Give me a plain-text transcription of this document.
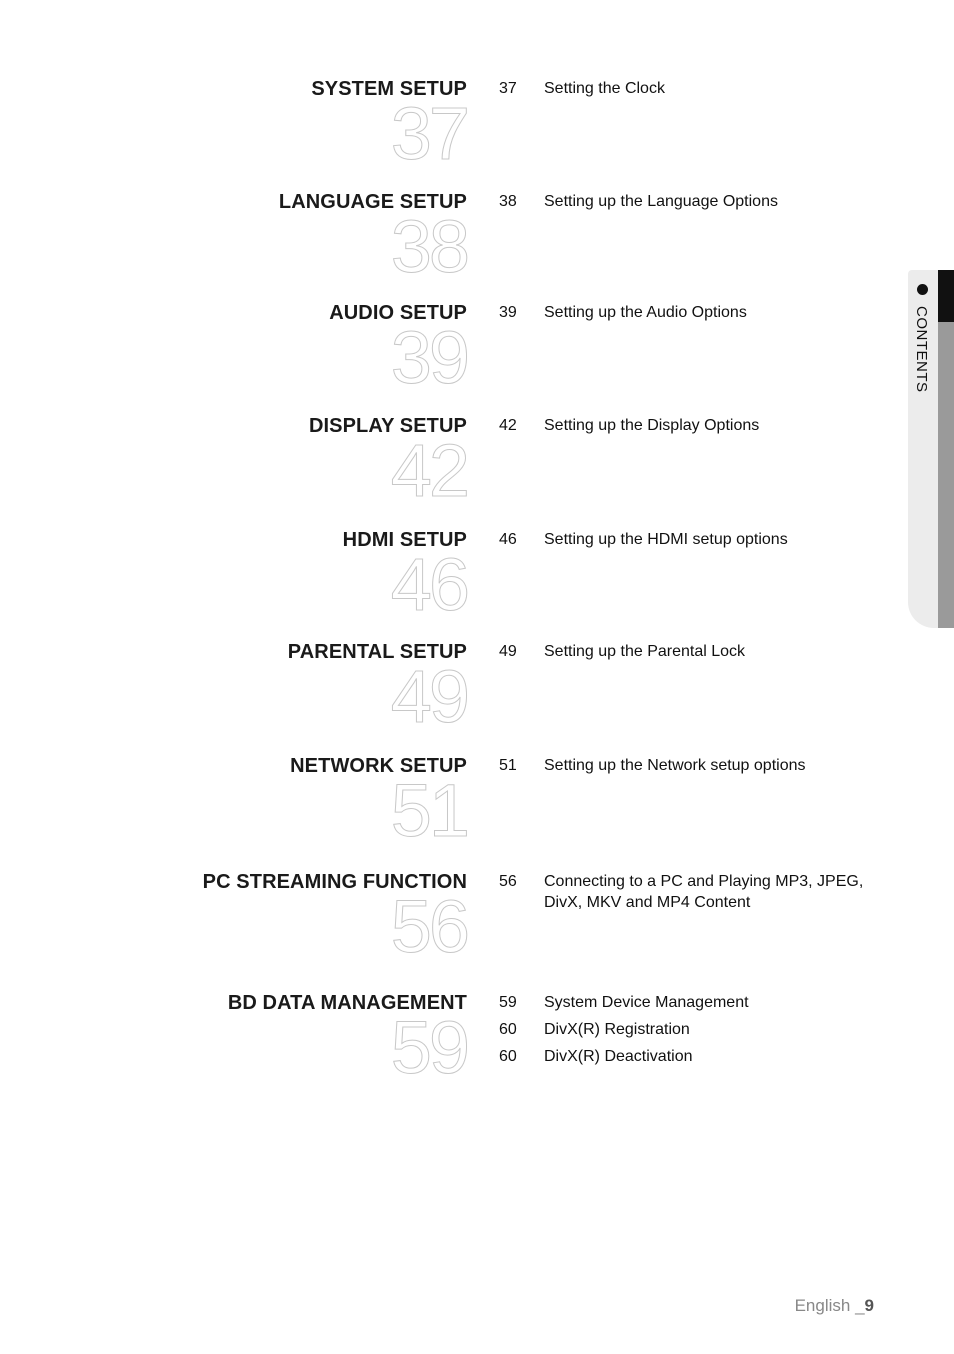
SYSTEM SETUP
37
37	Setting the Clock
LANGUAGE SETUP
38
38	Setting up the Language Options
AUDIO SETUP
39
39	Setting up the Audio Options
DISPLAY SETUP
42
42	Setting up the Display Options
HDMI SETUP
46
46	Setting up the HDMI setup options
PARENTAL SETUP
49
49	Setting up the Parental Lock
NETWORK SETUP
51
51	Setting up the Network setup options
PC STREAMING FUNCTION
56
56	Connecting to a PC and Playing MP3, JPEG, DivX, MKV and MP4 Content
BD DATA MANAGEMENT
59
59	System Device Management
60	DivX(R) Registration
60	DivX(R) Deactivation
CONTENTS
English _9
